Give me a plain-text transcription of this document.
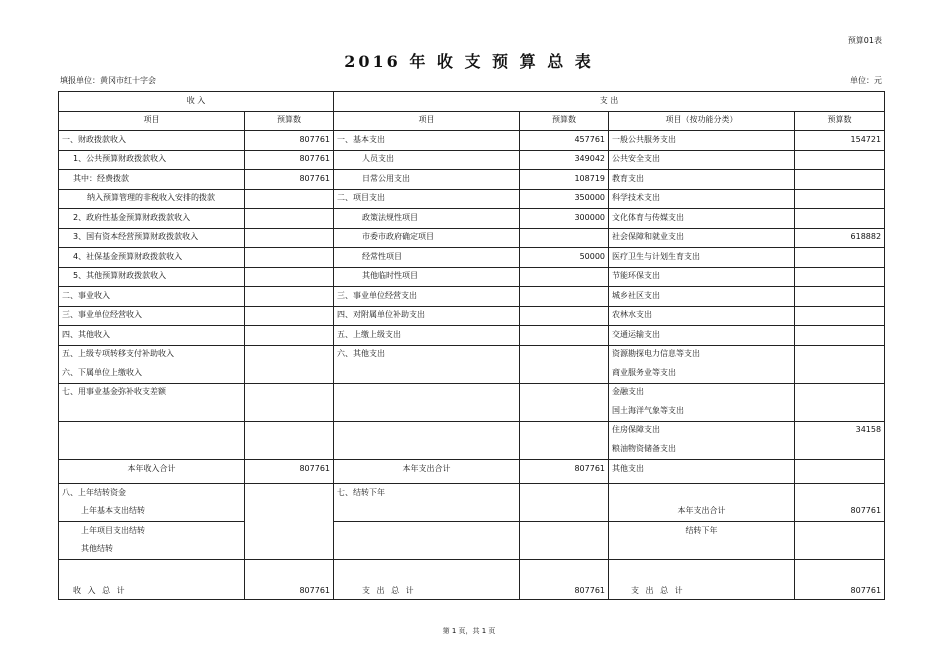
预算01表
2016 年 收 支 预 算 总 表
填报单位：黄冈市红十字会	单位：元
收 入		支 出			
项目	预算数	项目	预算数	项目（按功能分类）	预算数
一、财政拨款收入	807761	一、基本支出	457761	一般公共服务支出	154721
1、公共预算财政拨款收入	807761	人员支出	349042	公共安全支出	
其中：经费拨款	807761	日常公用支出	108719	教育支出	
纳入预算管理的非税收入安排的拨款		二、项目支出	350000	科学技术支出	
2、政府性基金预算财政拨款收入		政策法规性项目	300000	文化体育与传媒支出	
3、国有资本经营预算财政拨款收入		市委市政府确定项目		社会保障和就业支出	618882
4、社保基金预算财政拨款收入		经常性项目	50000	医疗卫生与计划生育支出	
5、其他预算财政拨款收入		其他临时性项目		节能环保支出	
二、事业收入		三、事业单位经营支出		城乡社区支出	
三、事业单位经营收入		四、对附属单位补助支出		农林水支出	
四、其他收入		五、上缴上级支出		交通运输支出	
五、上级专项转移支付补助收入		六、其他支出		资源勘探电力信息等支出	
六、下属单位上缴收入				商业服务业等支出	
七、用事业基金弥补收支差额				金融支出	
				国土海洋气象等支出	
				住房保障支出	34158
				粮油物资储备支出	
本年收入合计	807761	本年支出合计	807761	其他支出	

八、上年结转资金		七、结转下年			
上年基本支出结转				本年支出合计	807761
上年项目支出结转				结转下年	
其他结转					
收 入 总 计	807761	支 出 总 计	807761	支 出 总 计	807761
第 1 页，共 1 页
